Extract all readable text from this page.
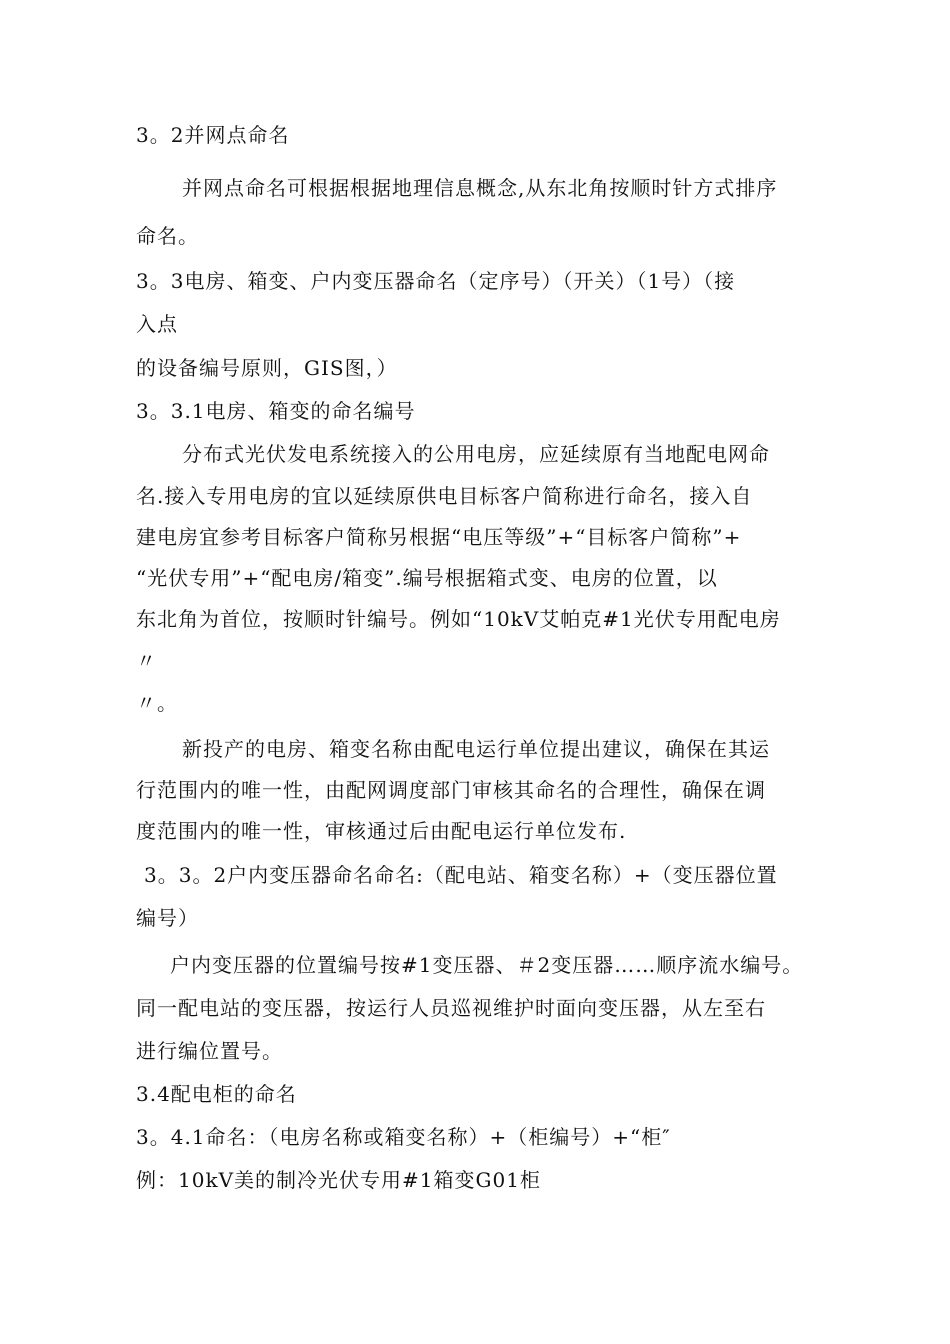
3。2并网点命名
并网点命名可根据根据地理信息概念,从东北角按顺时针方式排序
命名。
3。3电房、箱变、户内变压器命名（定序号）（开关）（1号）（接
入点
的设备编号原则，GIS图，）
3。3.1电房、箱变的命名编号
分布式光伏发电系统接入的公用电房，应延续原有当地配电网命
名.接入专用电房的宜以延续原供电目标客户简称进行命名，接入自
建电房宜参考目标客户简称另根据“电压等级”+“目标客户简称”+
“光伏专用”+“配电房/箱变”.编号根据箱式变、电房的位置，以
东北角为首位，按顺时针编号。例如“10kV艾帕克#1光伏专用配电房
〃
〃。
新投产的电房、箱变名称由配电运行单位提出建议，确保在其运
行范围内的唯一性，由配网调度部门审核其命名的合理性，确保在调
度范围内的唯一性，审核通过后由配电运行单位发布.
3。3。2户内变压器命名命名:（配电站、箱变名称）+（变压器位置
编号）
户内变压器的位置编号按#1变压器、＃2变压器……顺序流水编号。
同一配电站的变压器，按运行人员巡视维护时面向变压器，从左至右
进行编位置号。
3.4配电柜的命名
3。4.1命名：（电房名称或箱变名称）+（柜编号）+“柜″
例：10kV美的制冷光伏专用#1箱变G01柜
